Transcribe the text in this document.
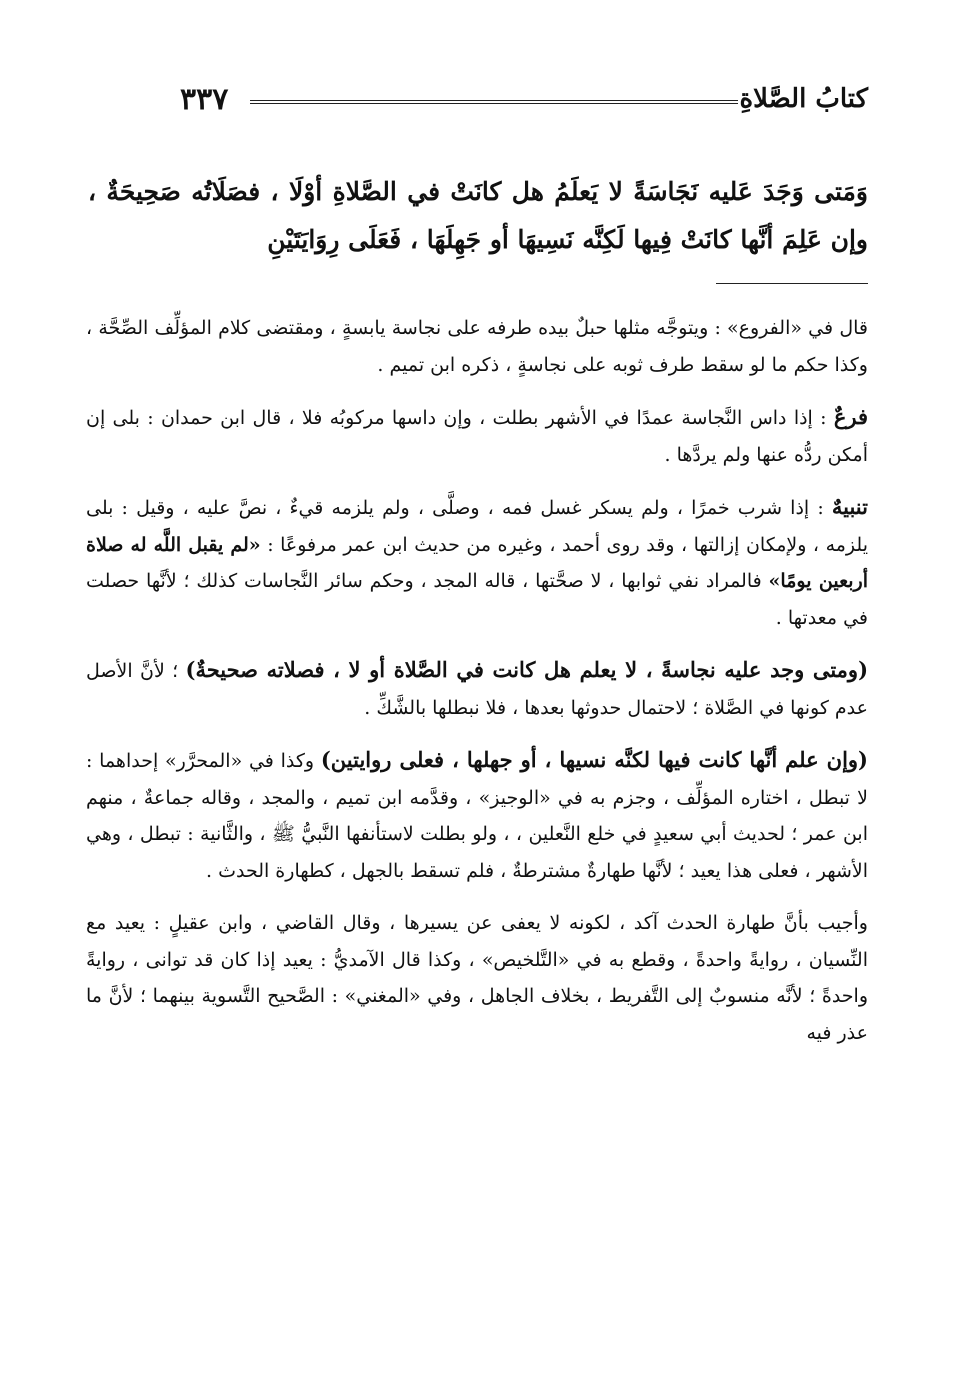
كتابُ الصَّلاةِ
٣٣٧
وَمَتى وَجَدَ عَليه نَجَاسَةً لا يَعلَمُ هل كانَتْ في الصَّلاةِ أوْلَا ، فصَلَاتُه صَحِيحَةٌ ، وإن عَلِمَ أنَّها كانَتْ فِيها لَكِنَّه نَسِيهَا أو جَهِلَهَا ، فَعَلَى رِوَايَتَيْنِ

قال في «الفروع» : ويتوجَّه مثلها حبلٌ بيده طرفه على نجاسة يابسةٍ ، ومقتضى كلام المؤلِّف الصِّحَّة ، وكذا حكم ما لو سقط طرف ثوبه على نجاسةٍ ، ذكره ابن تميم .

فرعٌ : إذا داس النَّجاسة عمدًا في الأشهر بطلت ، وإن داسها مركوبُه فلا ، قال ابن حمدان : بلى إن أمكن ردُّه عنها ولم يردَّها .

تنبيهٌ : إذا شرب خمرًا ، ولم يسكر غسل فمه ، وصلَّى ، ولم يلزمه قيءٌ ، نصَّ عليه ، وقيل : بلى يلزمه ، ولإمكان إزالتها ، وقد روى أحمد ، وغيره من حديث ابن عمر مرفوعًا : «لم يقبل اللَّه له صلاة أربعين يومًا» فالمراد نفي ثوابها ، لا صحَّتها ، قاله المجد ، وحكم سائر النَّجاسات كذلك ؛ لأنَّها حصلت في معدتها .

(ومتى وجد عليه نجاسةً ، لا يعلم هل كانت في الصَّلاة أو لا ، فصلاته صحيحةٌ) ؛ لأنَّ الأصل عدم كونها في الصَّلاة ؛ لاحتمال حدوثها بعدها ، فلا نبطلها بالشَّكِّ .

(وإن علم أنَّها كانت فيها لكنَّه نسيها ، أو جهلها ، فعلى روايتين) وكذا في «المحرَّر» إحداهما : لا تبطل ، اختاره المؤلِّف ، وجزم به في «الوجيز» ، وقدَّمه ابن تميم ، والمجد ، وقاله جماعةٌ ، منهم ابن عمر ؛ لحديث أبي سعيدٍ في خلع النَّعلين ، ، ولو بطلت لاستأنفها النَّبيُّ ﷺ ، والثَّانية : تبطل ، وهي الأشهر ، فعلى هذا يعيد ؛ لأنَّها طهارةٌ مشترطةٌ ، فلم تسقط بالجهل ، كطهارة الحدث .

وأجيب بأنَّ طهارة الحدث آكد ، لكونه لا يعفى عن يسيرها ، وقال القاضي ، وابن عقيلٍ : يعيد مع النِّسيان ، روايةً واحدةً ، وقطع به في «التَّلخيص» ، وكذا قال الآمديُّ : يعيد إذا كان قد توانى ، روايةً واحدةً ؛ لأنَّه منسوبٌ إلى التَّفريط ، بخلاف الجاهل ، وفي «المغني» : الصَّحيح التَّسوية بينهما ؛ لأنَّ ما عذر فيه
